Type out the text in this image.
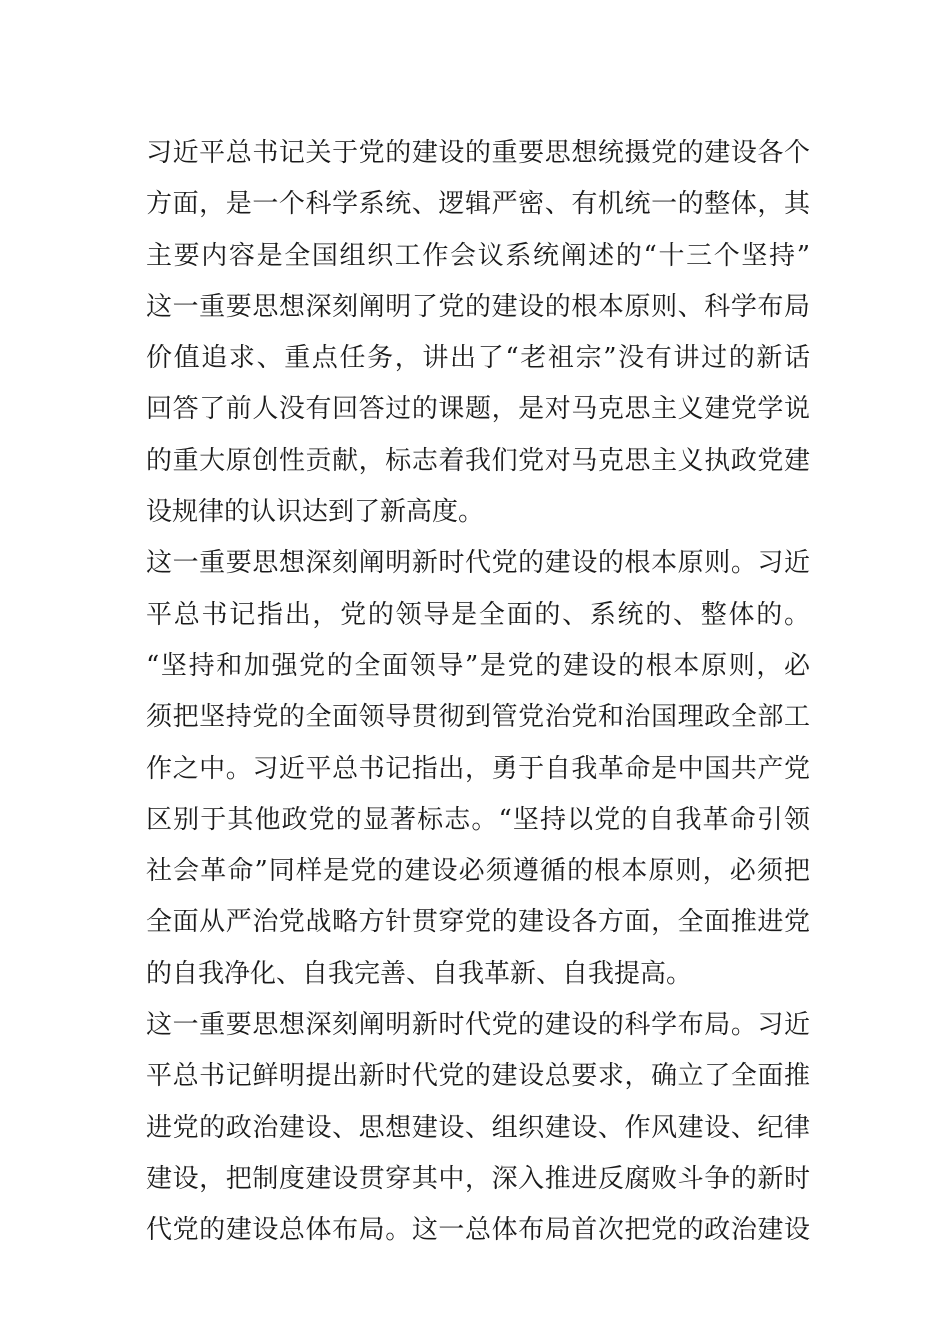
习近平总书记关于党的建设的重要思想统摄党的建设各个
方面，是一个科学系统、逻辑严密、有机统一的整体，其
主要内容是全国组织工作会议系统阐述的“十三个坚持”
这一重要思想深刻阐明了党的建设的根本原则、科学布局
价值追求、重点任务，讲出了“老祖宗”没有讲过的新话
回答了前人没有回答过的课题，是对马克思主义建党学说
的重大原创性贡献，标志着我们党对马克思主义执政党建
设规律的认识达到了新高度。
这一重要思想深刻阐明新时代党的建设的根本原则。习近
平总书记指出，党的领导是全面的、系统的、整体的。
“坚持和加强党的全面领导”是党的建设的根本原则，必
须把坚持党的全面领导贯彻到管党治党和治国理政全部工
作之中。习近平总书记指出，勇于自我革命是中国共产党
区别于其他政党的显著标志。“坚持以党的自我革命引领
社会革命”同样是党的建设必须遵循的根本原则，必须把
全面从严治党战略方针贯穿党的建设各方面，全面推进党
的自我净化、自我完善、自我革新、自我提高。
这一重要思想深刻阐明新时代党的建设的科学布局。习近
平总书记鲜明提出新时代党的建设总要求，确立了全面推
进党的政治建设、思想建设、组织建设、作风建设、纪律
建设，把制度建设贯穿其中，深入推进反腐败斗争的新时
代党的建设总体布局。这一总体布局首次把党的政治建设
